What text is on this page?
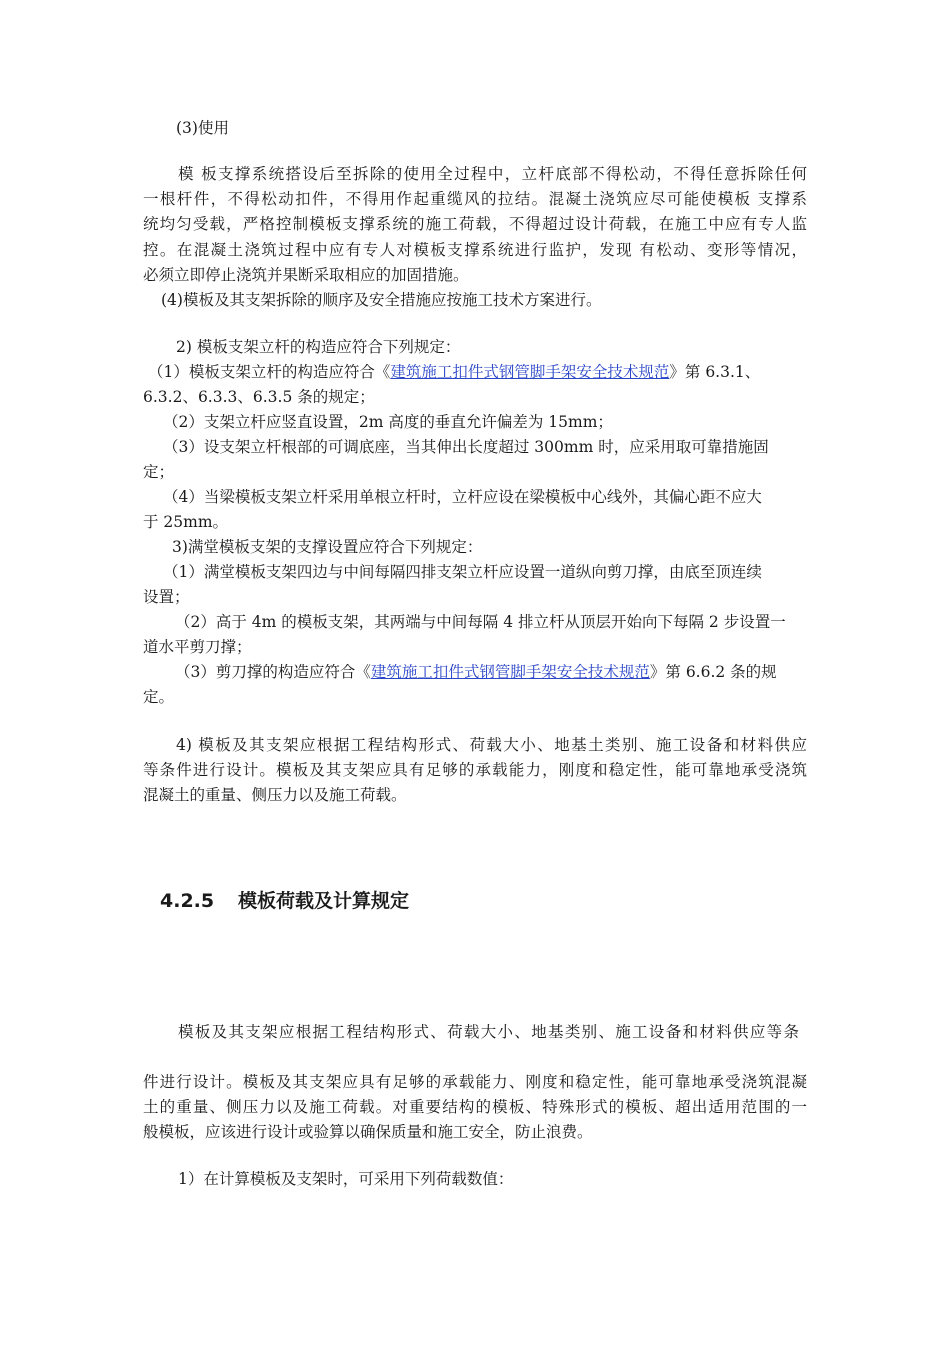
(3)使用

模 板支撑系统搭设后至拆除的使用全过程中，立杆底部不得松动，不得任意拆除任何

一根杆件，不得松动扣件，不得用作起重缆风的拉结。混凝土浇筑应尽可能使模板 支撑系

统均匀受载，严格控制模板支撑系统的施工荷载，不得超过设计荷载，在施工中应有专人监

控。在混凝土浇筑过程中应有专人对模板支撑系统进行监护，发现 有松动、变形等情况，

必须立即停止浇筑并果断采取相应的加固措施。

(4)模板及其支架拆除的顺序及安全措施应按施工技术方案进行。

2) 模板支架立杆的构造应符合下列规定：

（1）模板支架立杆的构造应符合《建筑施工扣件式钢管脚手架安全技术规范》第 6.3.1、

6.3.2、6.3.3、6.3.5 条的规定；

（2）支架立杆应竖直设置，2m 高度的垂直允许偏差为 15mm；

（3）设支架立杆根部的可调底座，当其伸出长度超过 300mm 时，应采用取可靠措施固

定；

（4）当梁模板支架立杆采用单根立杆时，立杆应设在梁模板中心线外，其偏心距不应大

于 25mm。

3)满堂模板支架的支撑设置应符合下列规定：

（1）满堂模板支架四边与中间每隔四排支架立杆应设置一道纵向剪刀撑，由底至顶连续

设置；

（2）高于 4m 的模板支架，其两端与中间每隔 4 排立杆从顶层开始向下每隔 2 步设置一

道水平剪刀撑；

（3）剪刀撑的构造应符合《建筑施工扣件式钢管脚手架安全技术规范》第 6.6.2 条的规

定。

4) 模板及其支架应根据工程结构形式、荷载大小、地基土类别、施工设备和材料供应

等条件进行设计。模板及其支架应具有足够的承载能力，刚度和稳定性，能可靠地承受浇筑

混凝土的重量、侧压力以及施工荷载。

4.2.5 模板荷载及计算规定

模板及其支架应根据工程结构形式、荷载大小、地基类别、施工设备和材料供应等条

件进行设计。模板及其支架应具有足够的承载能力、刚度和稳定性，能可靠地承受浇筑混凝

土的重量、侧压力以及施工荷载。对重要结构的模板、特殊形式的模板、超出适用范围的一

般模板，应该进行设计或验算以确保质量和施工安全，防止浪费。

1）在计算模板及支架时，可采用下列荷载数值：
